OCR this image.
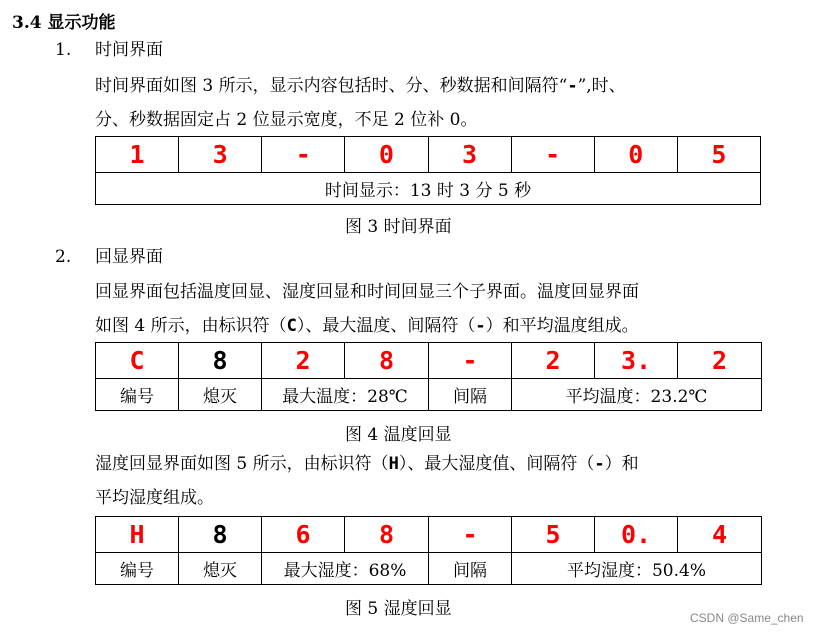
3.4 显示功能
1. 时间界面
时间界面如图 3 所示，显示内容包括时、分、秒数据和间隔符“-”,时、
分、秒数据固定占 2 位显示宽度，不足 2 位补 0。
1	3	-	0	3	-	0	5
时间显示：13 时 3 分 5 秒
图 3 时间界面
2. 回显界面
回显界面包括温度回显、湿度回显和时间回显三个子界面。温度回显界面
如图 4 所示，由标识符（C）、最大温度、间隔符（-）和平均温度组成。
C	8	2	8	-	2	3.	2
编号	熄灭	最大温度：28℃		间隔	平均温度：23.2℃		
图 4 温度回显
湿度回显界面如图 5 所示，由标识符（H）、最大湿度值、间隔符（-）和
平均湿度组成。
H	8	6	8	-	5	0.	4
编号	熄灭	最大湿度：68%		间隔	平均湿度：50.4%		
图 5 湿度回显	CSDN @Same_chen
